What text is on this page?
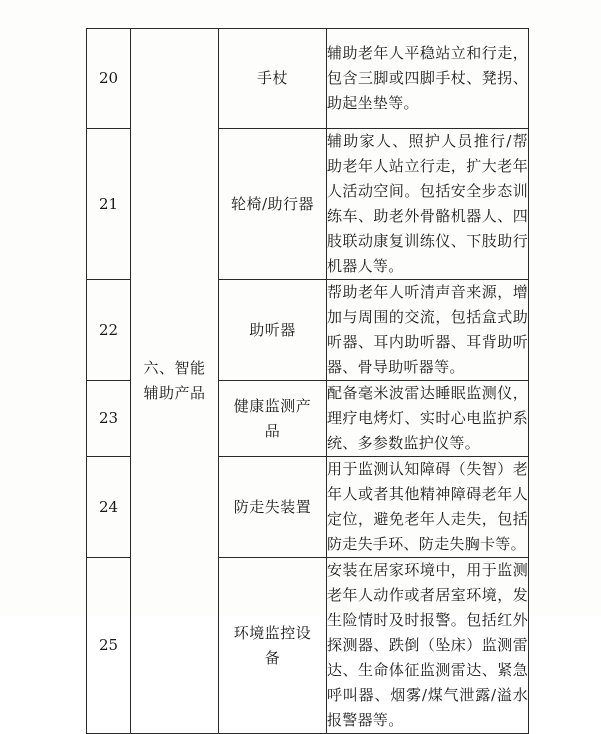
20	六、智能辅助产品	手杖	辅助老年人平稳站立和行走，包含三脚或四脚手杖、凳拐、助起坐垫等。
21		轮椅/助行器	辅助家人、照护人员推行/帮助老年人站立行走，扩大老年人活动空间。包括安全步态训练车、助老外骨骼机器人、四肢联动康复训练仪、下肢助行机器人等。
22		助听器	帮助老年人听清声音来源，增加与周围的交流，包括盒式助听器、耳内助听器、耳背助听器、骨导助听器等。
23		健康监测产品	配备毫米波雷达睡眠监测仪，理疗电烤灯、实时心电监护系统、多参数监护仪等。
24		防走失装置	用于监测认知障碍（失智）老年人或者其他精神障碍老年人定位，避免老年人走失，包括防走失手环、防走失胸卡等。
25		环境监控设备	安装在居家环境中，用于监测老年人动作或者居室环境，发生险情时及时报警。包括红外探测器、跌倒（坠床）监测雷达、生命体征监测雷达、紧急呼叫器、烟雾/煤气泄露/溢水报警器等。
